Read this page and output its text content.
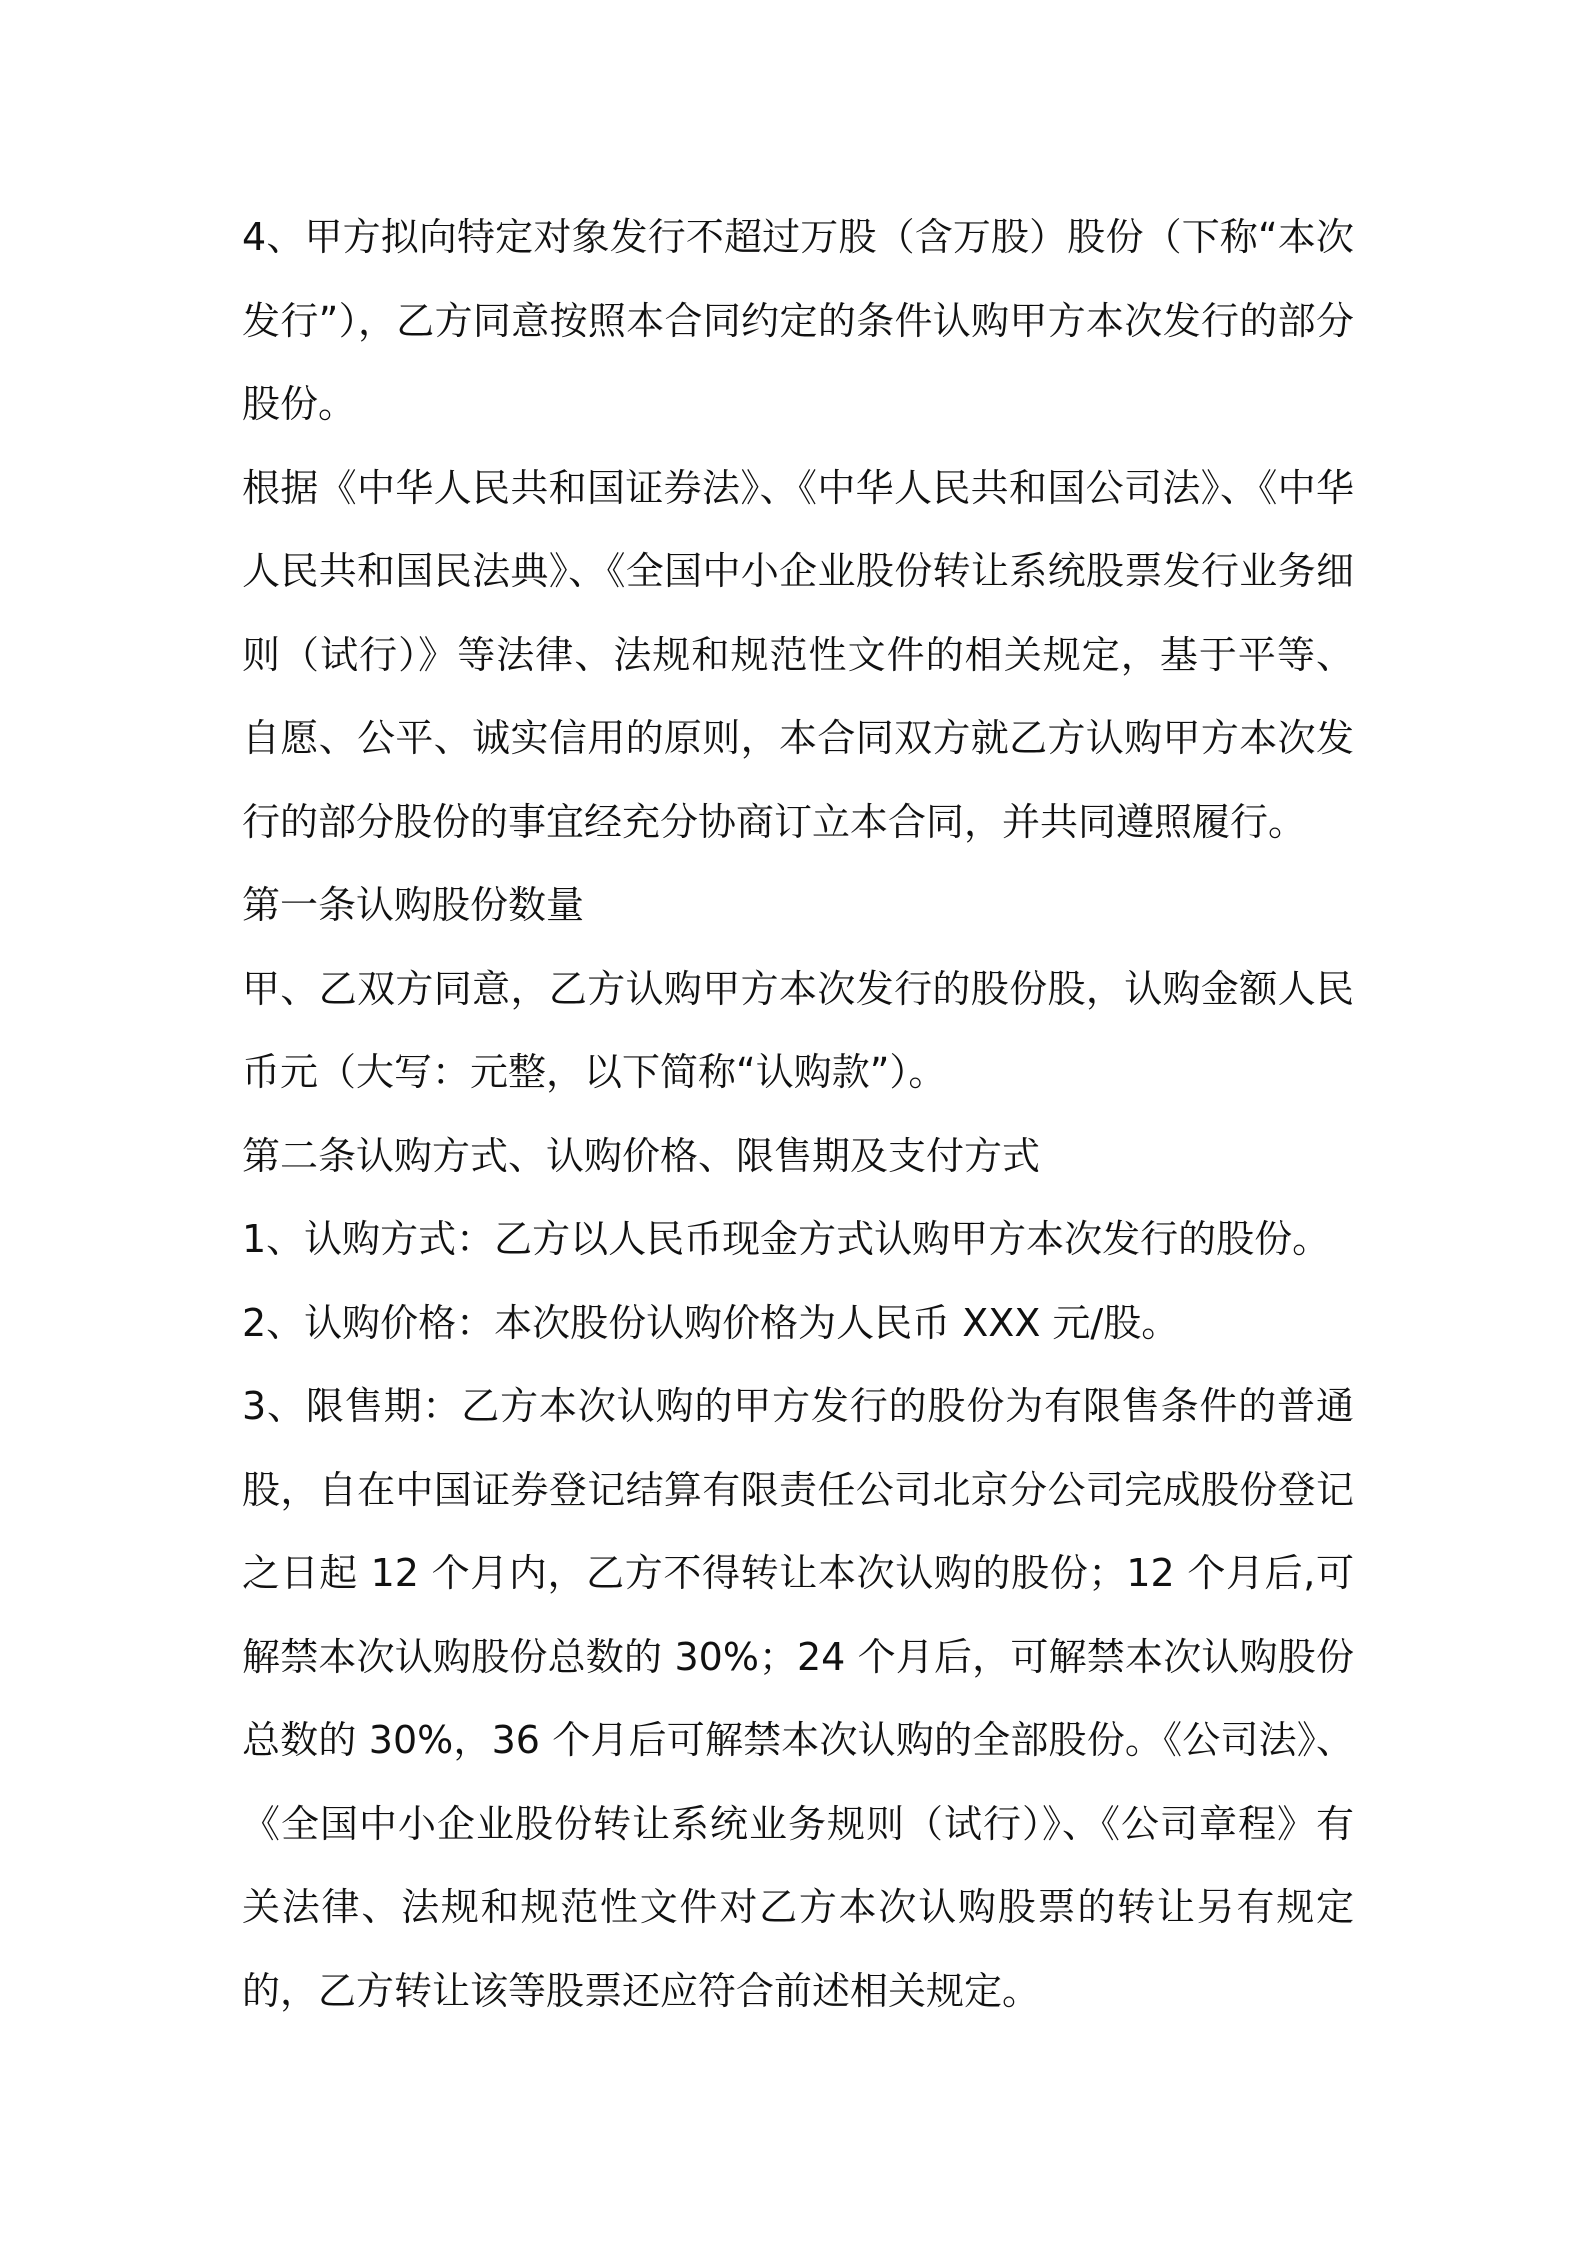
4、甲方拟向特定对象发行不超过万股（含万股）股份（下称“本次发行”），乙方同意按照本合同约定的条件认购甲方本次发行的部分股份。

根据《中华人民共和国证券法》、《中华人民共和国公司法》、《中华人民共和国民法典》、《全国中小企业股份转让系统股票发行业务细则（试行）》等法律、法规和规范性文件的相关规定，基于平等、自愿、公平、诚实信用的原则，本合同双方就乙方认购甲方本次发行的部分股份的事宜经充分协商订立本合同，并共同遵照履行。

第一条认购股份数量

甲、乙双方同意，乙方认购甲方本次发行的股份股，认购金额人民币元（大写：元整，以下简称“认购款”）。

第二条认购方式、认购价格、限售期及支付方式

1、认购方式：乙方以人民币现金方式认购甲方本次发行的股份。

2、认购价格：本次股份认购价格为人民币 XXX 元/股。

3、限售期：乙方本次认购的甲方发行的股份为有限售条件的普通股，自在中国证券登记结算有限责任公司北京分公司完成股份登记之日起 12 个月内，乙方不得转让本次认购的股份；12 个月后,可解禁本次认购股份总数的 30%；24 个月后，可解禁本次认购股份总数的 30%，36 个月后可解禁本次认购的全部股份。《公司法》、《全国中小企业股份转让系统业务规则（试行）》、《公司章程》有关法律、法规和规范性文件对乙方本次认购股票的转让另有规定的，乙方转让该等股票还应符合前述相关规定。
